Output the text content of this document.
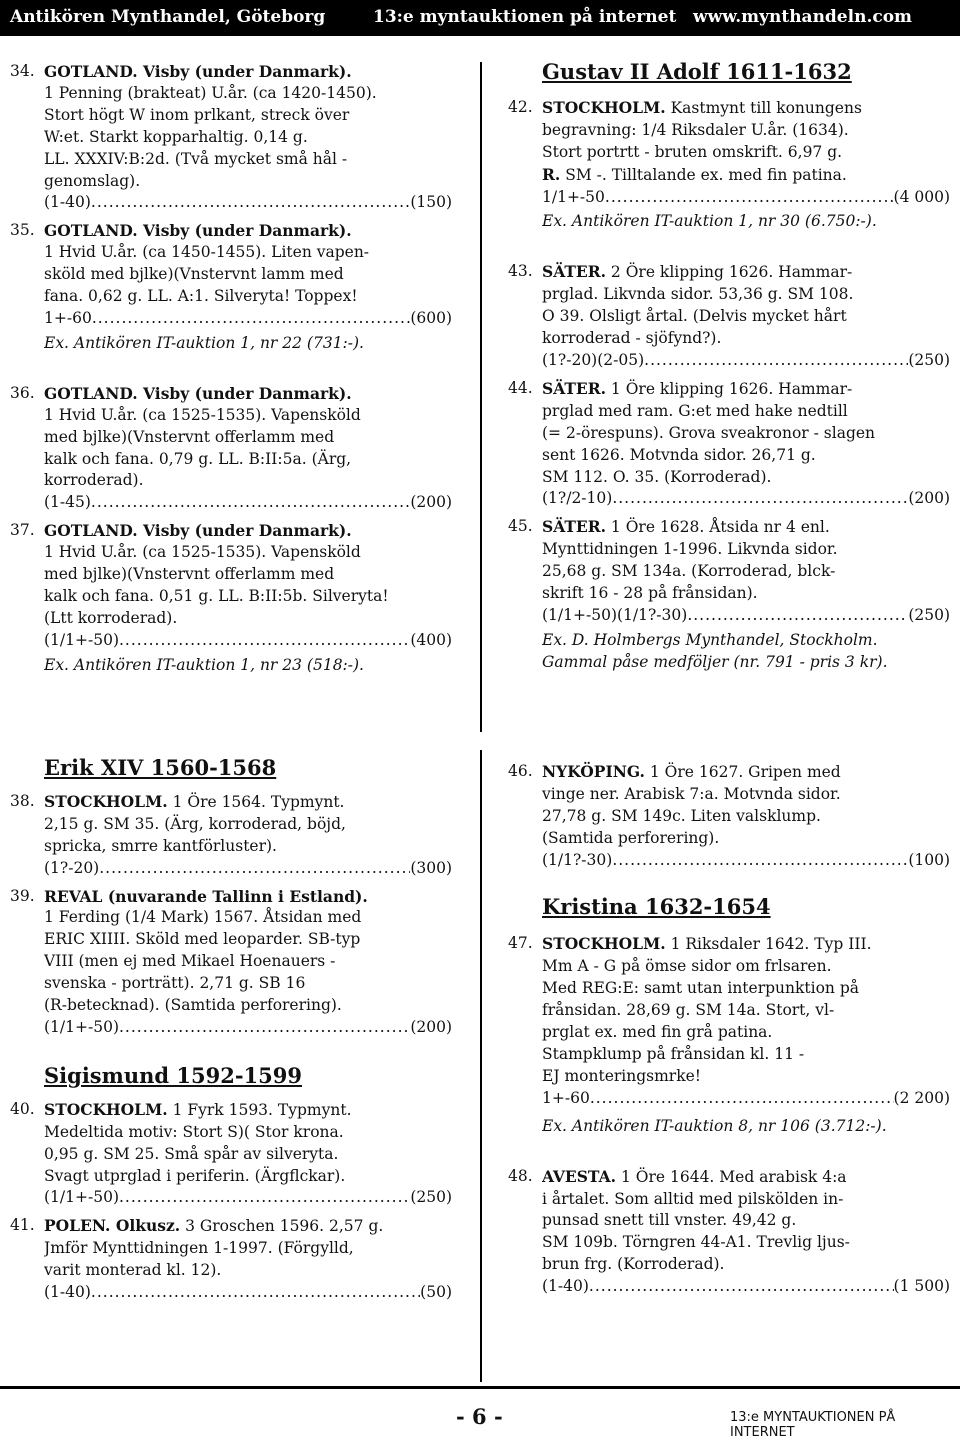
Antikören Mynthandel, Göteborg	13:e myntauktionen på internet www.mynthandeln.com
34. GOTLAND. Visby (under Danmark).
1 Penning (brakteat) U.år. (ca 1420-1450).
Stort högt W inom prlkant, streck över
W:et. Starkt kopparhaltig. 0,14 g.
LL. XXXIV:B:2d. (Två mycket små hål -
genomslag).
(1-40) .....	(150)
35. GOTLAND. Visby (under Danmark).
1 Hvid U.år. (ca 1450-1455). Liten vapen-
sköld med bjlke)(Vnstervnt lamm med
fana. 0,62 g. LL. A:1. Silveryta! Toppex!
1+-60 .....	(600)
Ex. Antikören IT-auktion 1, nr 22 (731:-).
36. GOTLAND. Visby (under Danmark).
1 Hvid U.år. (ca 1525-1535). Vapensköld
med bjlke)(Vnstervnt offerlamm med
kalk och fana. 0,79 g. LL. B:II:5a. (Ärg,
korroderad).
(1-45) .....	(200)
37. GOTLAND. Visby (under Danmark).
1 Hvid U.år. (ca 1525-1535). Vapensköld
med bjlke)(Vnstervnt offerlamm med
kalk och fana. 0,51 g. LL. B:II:5b. Silveryta!
(Ltt korroderad).
(1/1+-50) .....	(400)
Ex. Antikören IT-auktion 1, nr 23 (518:-).
Gustav II Adolf 1611-1632
42. STOCKHOLM. Kastmynt till konungens
begravning: 1/4 Riksdaler U.år. (1634).
Stort portrtt - bruten omskrift. 6,97 g.
R. SM -. Tilltalande ex. med fin patina.
1/1+-50 .....	(4 000)
Ex. Antikören IT-auktion 1, nr 30 (6.750:-).
43. SÄTER. 2 Öre klipping 1626. Hammar-
prglad. Likvnda sidor. 53,36 g. SM 108.
O 39. Olsligt årtal. (Delvis mycket hårt
korroderad - sjöfynd?).
(1?-20)(2-05) .....	(250)
44. SÄTER. 1 Öre klipping 1626. Hammar-
prglad med ram. G:et med hake nedtill
(= 2-örespuns). Grova sveakronor - slagen
sent 1626. Motvnda sidor. 26,71 g.
SM 112. O. 35. (Korroderad).
(1?/2-10) .....	(200)
45. SÄTER. 1 Öre 1628. Åtsida nr 4 enl.
Mynttidningen 1-1996. Likvnda sidor.
25,68 g. SM 134a. (Korroderad, blck-
skrift 16 - 28 på frånsidan).
(1/1+-50)(1/1?-30) .....	(250)
Ex. D. Holmbergs Mynthandel, Stockholm.
Gammal påse medföljer (nr. 791 - pris 3 kr).
Erik XIV 1560-1568
38. STOCKHOLM. 1 Öre 1564. Typmynt.
2,15 g. SM 35. (Ärg, korroderad, böjd,
spricka, smrre kantförluster).
(1?-20) .....	(300)
39. REVAL (nuvarande Tallinn i Estland).
1 Ferding (1/4 Mark) 1567. Åtsidan med
ERIC XIIII. Sköld med leoparder. SB-typ
VIII (men ej med Mikael Hoenauers -
svenska - porträtt). 2,71 g. SB 16
(R-betecknad). (Samtida perforering).
(1/1+-50) .....	(200)
Sigismund 1592-1599
40. STOCKHOLM. 1 Fyrk 1593. Typmynt.
Medeltida motiv: Stort S)( Stor krona.
0,95 g. SM 25. Små spår av silveryta.
Svagt utprglad i periferin. (Ärgflckar).
(1/1+-50) .....	(250)
41. POLEN. Olkusz. 3 Groschen 1596. 2,57 g.
Jmför Mynttidningen 1-1997. (Förgylld,
varit monterad kl. 12).
(1-40) .....	(50)
46. NYKÖPING. 1 Öre 1627. Gripen med
vinge ner. Arabisk 7:a. Motvnda sidor.
27,78 g. SM 149c. Liten valsklump.
(Samtida perforering).
(1/1?-30) .....	(100)
Kristina 1632-1654
47. STOCKHOLM. 1 Riksdaler 1642. Typ III.
Mm A - G på ömse sidor om frlsaren.
Med REG:E: samt utan interpunktion på
frånsidan. 28,69 g. SM 14a. Stort, vl-
prglat ex. med fin grå patina.
Stampklump på frånsidan kl. 11 -
EJ monteringsmrke!
1+-60 .....	(2 200)
Ex. Antikören IT-auktion 8, nr 106 (3.712:-).
48. AVESTA. 1 Öre 1644. Med arabisk 4:a
i årtalet. Som alltid med pilskölden in-
punsad snett till vnster. 49,42 g.
SM 109b. Törngren 44-A1. Trevlig ljus-
brun frg. (Korroderad).
(1-40) .....	(1 500)
- 6 -	13:e MYNTAUKTIONEN PÅ INTERNET
